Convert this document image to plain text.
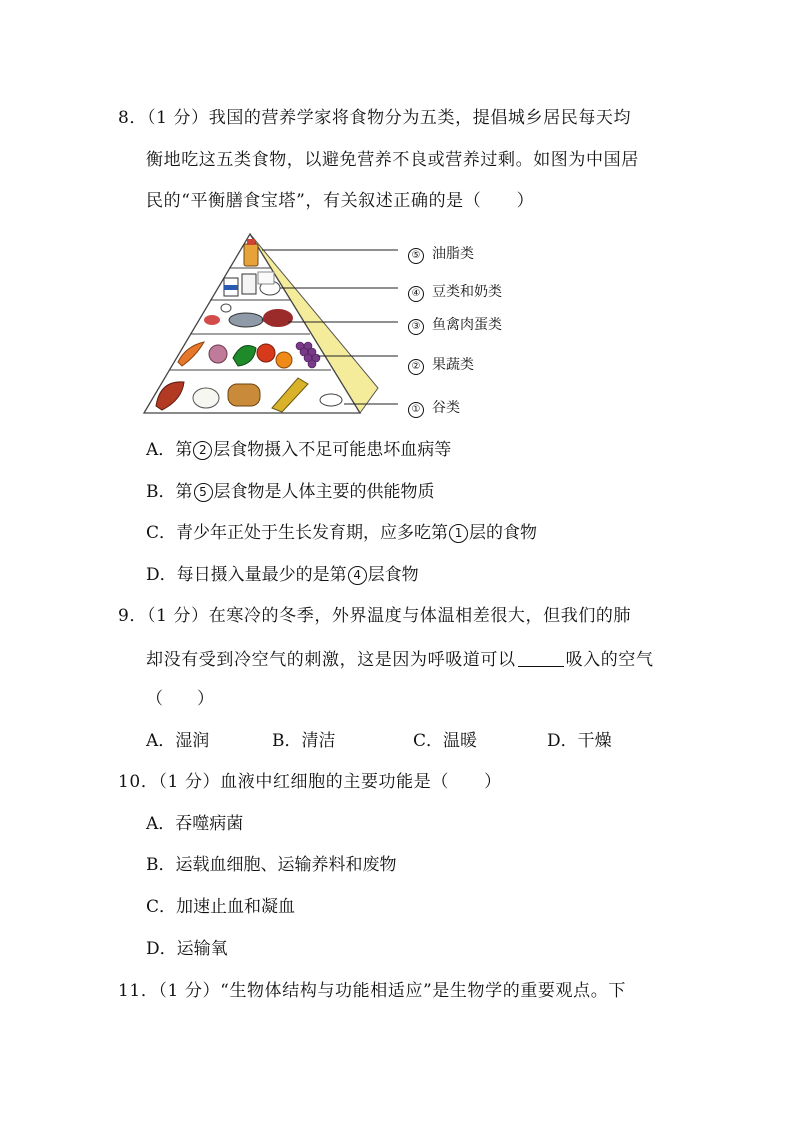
8．（1 分）我国的营养学家将食物分为五类，提倡城乡居民每天均
衡地吃这五类食物，以避免营养不良或营养过剩。如图为中国居
民的“平衡膳食宝塔”，有关叙述正确的是（　　）
⑤ 油脂类
④ 豆类和奶类
③ 鱼禽肉蛋类
② 果蔬类
① 谷类
A．第 2 层食物摄入不足可能患坏血病等
B．第 5 层食物是人体主要的供能物质
C．青少年正处于生长发育期，应多吃第 1 层的食物
D．每日摄入量最少的是第 4 层食物
9．（1 分）在寒冷的冬季，外界温度与体温相差很大，但我们的肺
却没有受到冷空气的刺激，这是因为呼吸道可以	吸入的空气
（　　）
A．湿润	B．清洁	C．温暖	D．干燥
10．（1 分）血液中红细胞的主要功能是（　　）
A．吞噬病菌
B．运载血细胞、运输养料和废物
C．加速止血和凝血
D．运输氧
11．（1 分）“生物体结构与功能相适应”是生物学的重要观点。下
